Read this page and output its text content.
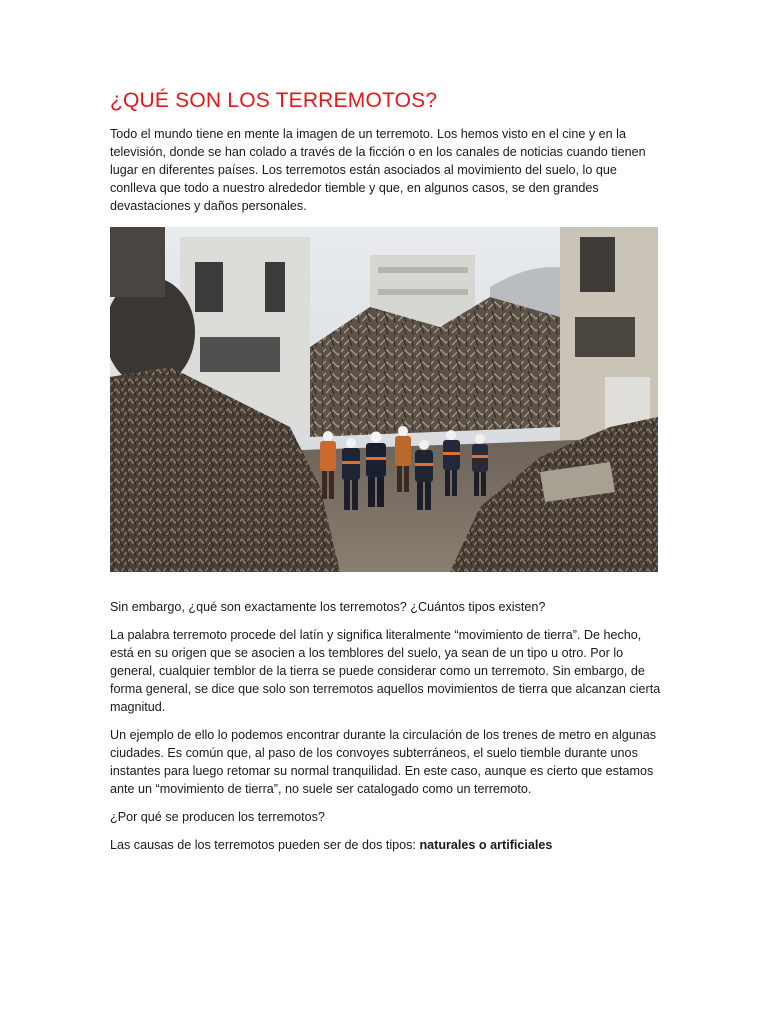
¿QUÉ SON LOS TERREMOTOS?

Todo el mundo tiene en mente la imagen de un terremoto. Los hemos visto en el cine y en la televisión, donde se han colado a través de la ficción o en los canales de noticias cuando tienen lugar en diferentes países. Los terremotos están asociados al movimiento del suelo, lo que conlleva que todo a nuestro alrededor tiemble y que, en algunos casos, se den grandes devastaciones y daños personales.

Sin embargo, ¿qué son exactamente los terremotos? ¿Cuántos tipos existen?

La palabra terremoto procede del latín y significa literalmente “movimiento de tierra”. De hecho, está en su origen que se asocien a los temblores del suelo, ya sean de un tipo u otro. Por lo general, cualquier temblor de la tierra se puede considerar como un terremoto. Sin embargo, de forma general, se dice que solo son terremotos aquellos movimientos de tierra que alcanzan cierta magnitud.

Un ejemplo de ello lo podemos encontrar durante la circulación de los trenes de metro en algunas ciudades. Es común que, al paso de los convoyes subterráneos, el suelo tiemble durante unos instantes para luego retomar su normal tranquilidad. En este caso, aunque es cierto que estamos ante un “movimiento de tierra”, no suele ser catalogado como un terremoto.

¿Por qué se producen los terremotos?

Las causas de los terremotos pueden ser de dos tipos: naturales o artificiales
